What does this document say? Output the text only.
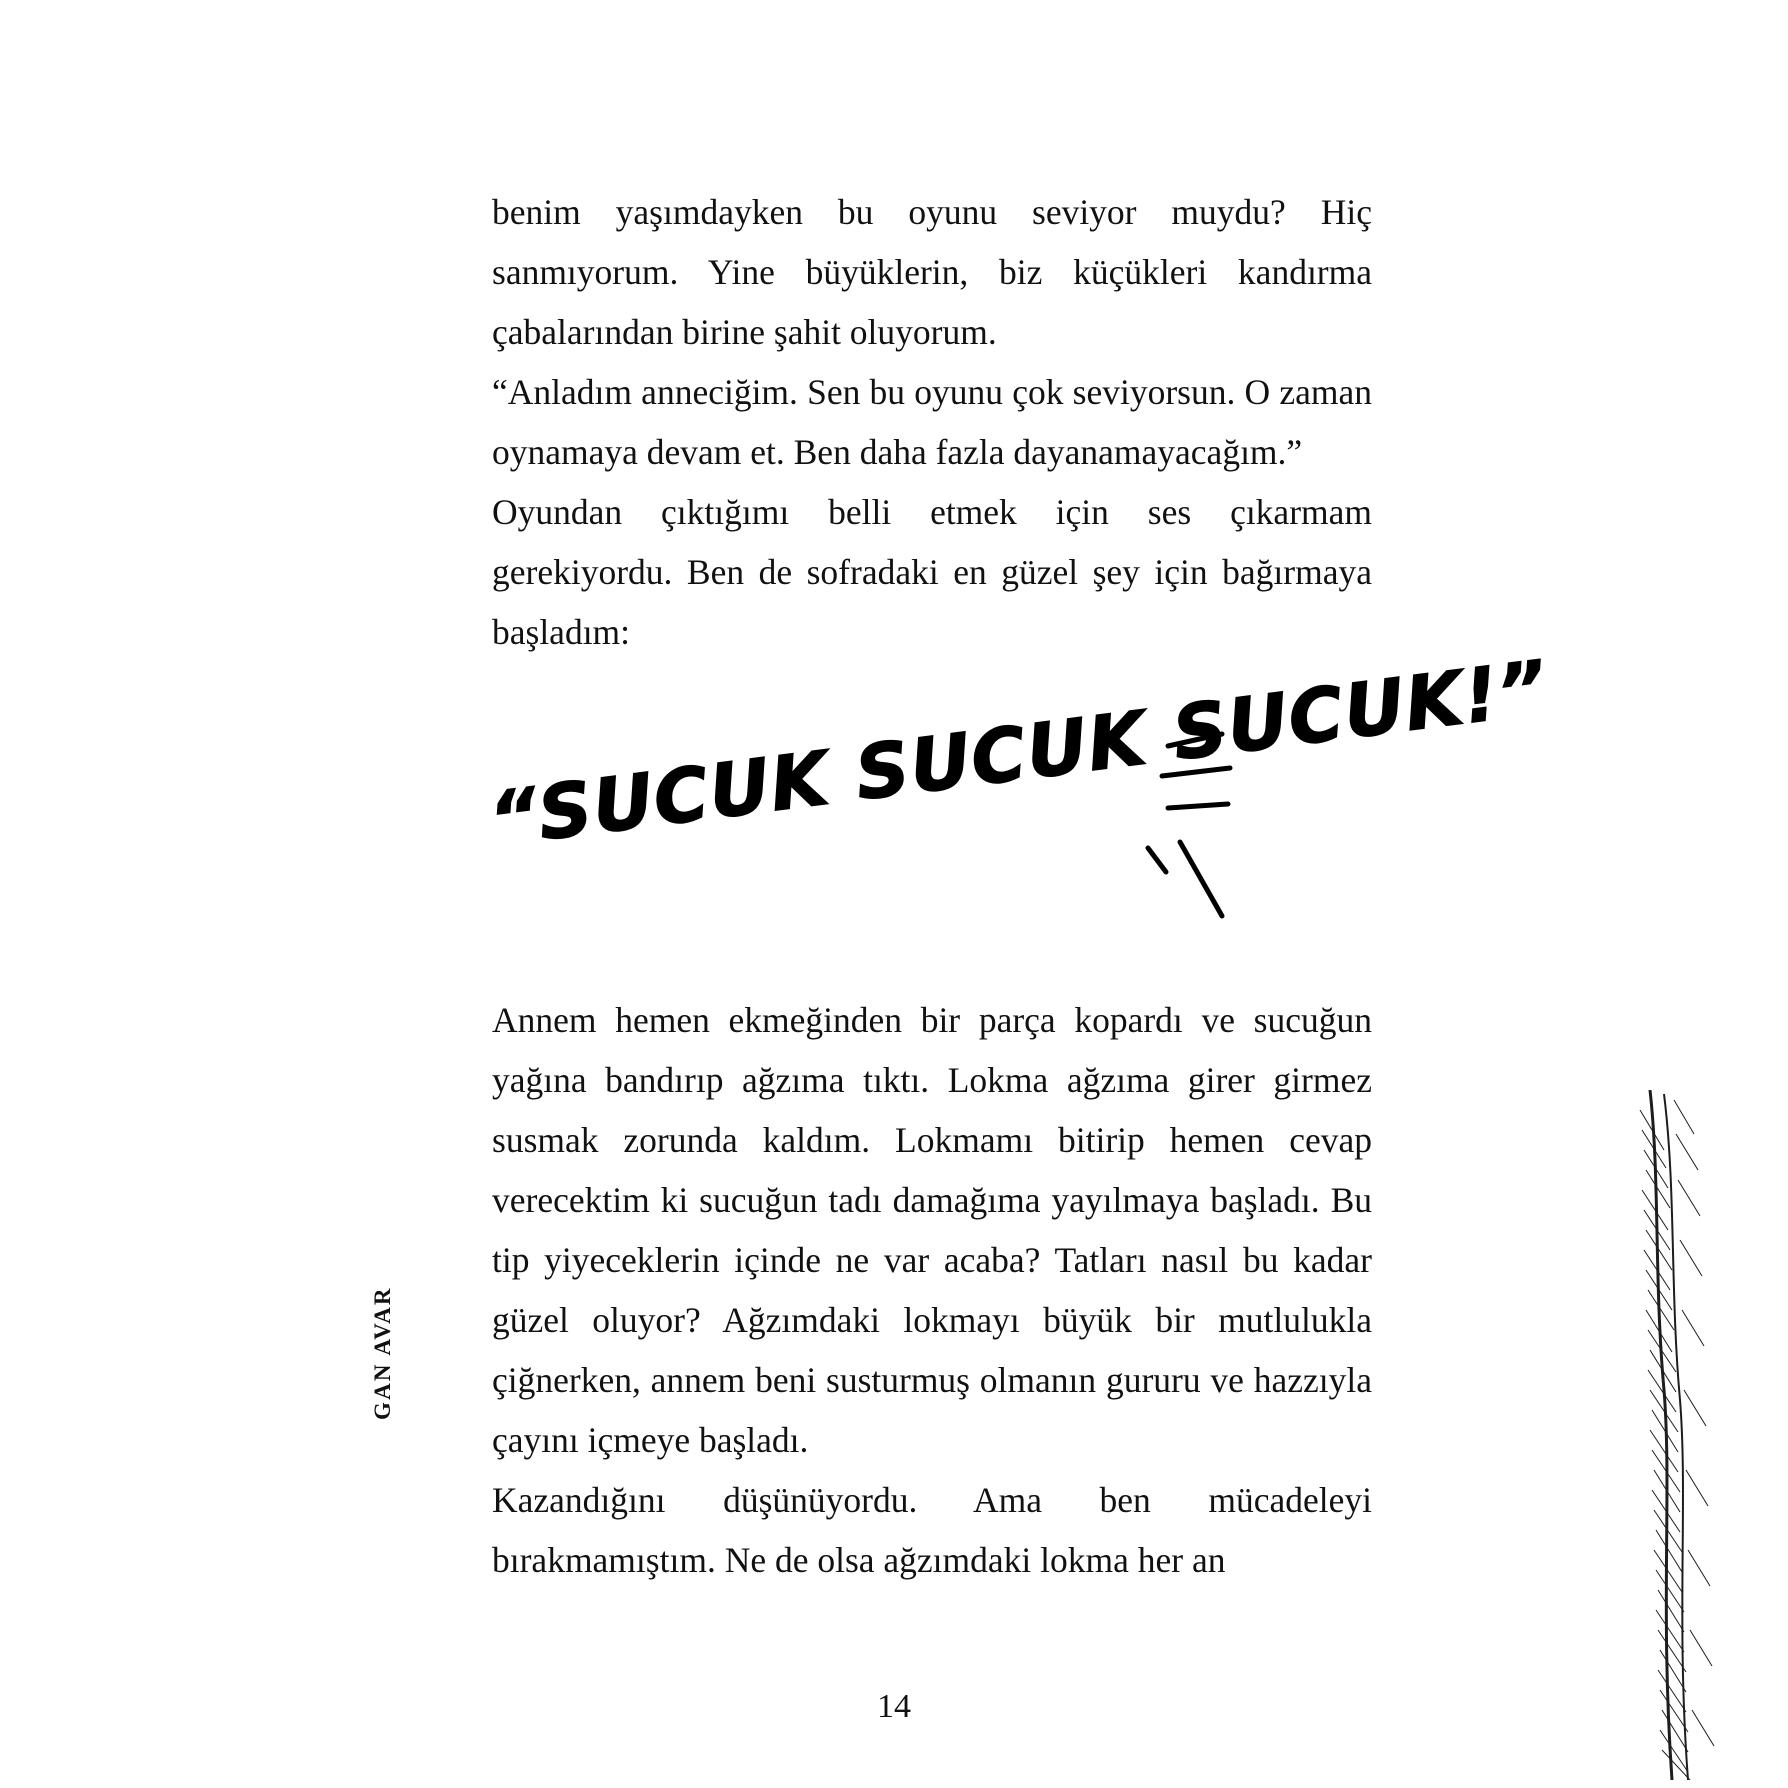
GAN AVAR

benim yaşımdayken bu oyunu seviyor muydu? Hiç sanmıyorum. Yine büyüklerin, biz küçükleri kandırma çabalarından birine şahit oluyorum.

“Anladım anneciğim. Sen bu oyunu çok seviyorsun. O zaman oynamaya devam et. Ben daha fazla dayanamayacağım.”

Oyundan çıktığımı belli etmek için ses çıkarmam gerekiyordu. Ben de sofradaki en güzel şey için bağırmaya başladım:

“SUCUK SUCUK SUCUK!”

Annem hemen ekmeğinden bir parça kopardı ve sucuğun yağına bandırıp ağzıma tıktı. Lokma ağzıma girer girmez susmak zorunda kaldım. Lokmamı bitirip hemen cevap verecektim ki sucuğun tadı damağıma yayılmaya başladı. Bu tip yiyeceklerin içinde ne var acaba? Tatları nasıl bu kadar güzel oluyor? Ağzımdaki lokmayı büyük bir mutlulukla çiğnerken, annem beni susturmuş olmanın gururu ve hazzıyla çayını içmeye başladı.

Kazandığını düşünüyordu. Ama ben mücadeleyi bırakmamıştım. Ne de olsa ağzımdaki lokma her an

14
